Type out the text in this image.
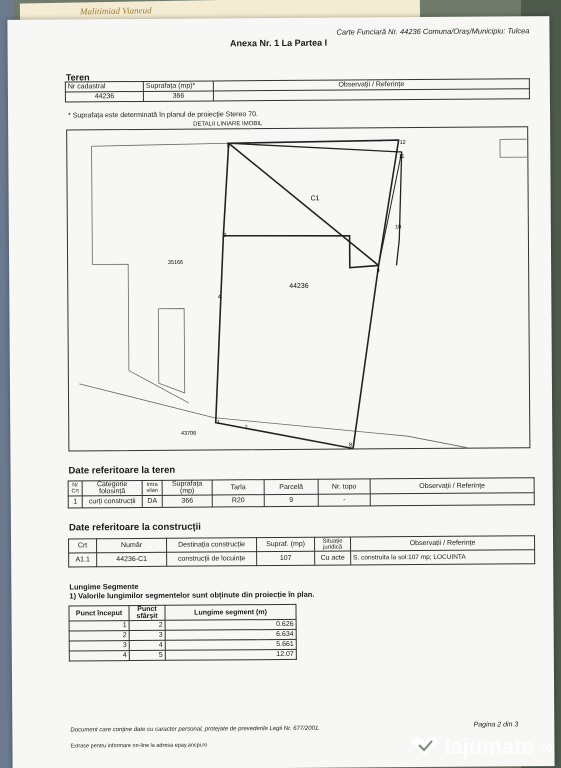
Malitimiad Vianeud
Carte Funciară Nr. 44236 Comuna/Oraș/Municipiu: Tulcea
Anexa Nr. 1 La Partea I
Teren
Nr cadastral	Suprafața (mp)*	Observații / Referințe
44236	366	
* Suprafața este determinată în planul de proiecție Stereo 70.
DETALII LINIARE IMOBIL
C1
44236
35166
43706
1
7
8
4
3
5
9
10
11
12
Date referitoare la teren
Nr Crt	Categorie folosință	Intra vilan	Suprafața (mp)	Tarla	Parcelă	Nr. topo	Observații / Referințe
1	curți construcții	DA	366	R20	9	-	
Date referitoare la construcții
Crt	Număr	Destinația construcție	Supraf. (mp)	Situație juridică	Observații / Referințe
A1.1	44236-C1	construcții de locuințe	107	Cu acte	S. construita la sol:107 mp; LOCUINTA
Lungime Segmente
1) Valorile lungimilor segmentelor sunt obținute din proiecție în plan.
Punct început	Punct sfârșit	Lungime segment (m)
1	2	0.626
2	3	6.634
3	4	5.661
4	5	12.07
Document care conține date cu caracter personal, protejate de prevederile Legii Nr. 677/2001.
Pagina 2 din 3
Extrase pentru informare on-line la adresa epay.ancpi.ro	lajumate .ro
